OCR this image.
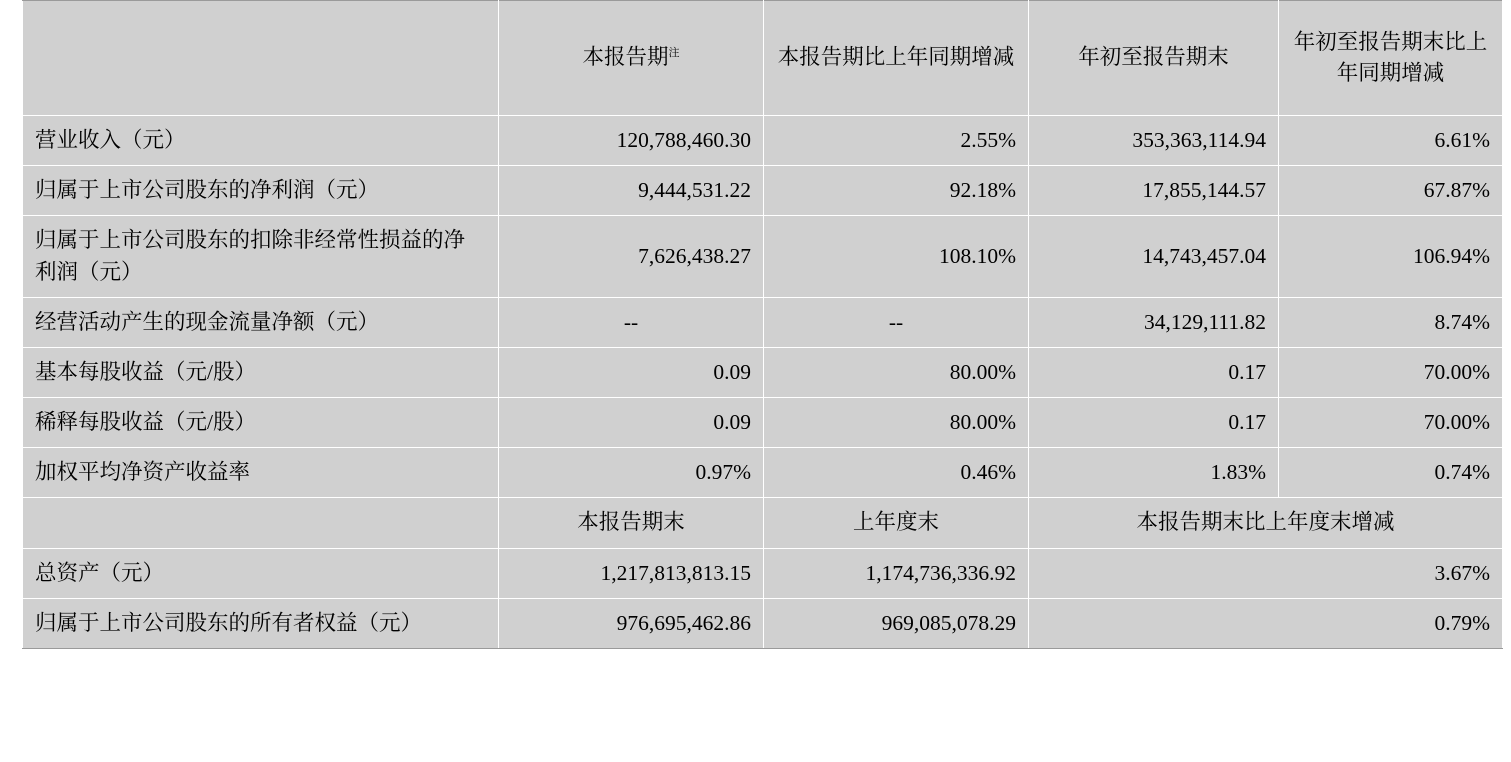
	本报告期$^注$	本报告期比上年同期增减	年初至报告期末	年初至报告期末比上年同期增减
营业收入（元）	120,788,460.30	2.55%	353,363,114.94	6.61%
归属于上市公司股东的净利润（元）	9,444,531.22	92.18%	17,855,144.57	67.87%
归属于上市公司股东的扣除非经常性损益的净利润（元）	7,626,438.27	108.10%	14,743,457.04	106.94%
经营活动产生的现金流量净额（元）	--	--	34,129,111.82	8.74%
基本每股收益（元/股）	0.09	80.00%	0.17	70.00%
稀释每股收益（元/股）	0.09	80.00%	0.17	70.00%
加权平均净资产收益率	0.97%	0.46%	1.83%	0.74%
	本报告期末	上年度末	本报告期末比上年度末增减	
总资产（元）	1,217,813,813.15	1,174,736,336.92	3.67%	
归属于上市公司股东的所有者权益（元）	976,695,462.86	969,085,078.29	0.79%	
